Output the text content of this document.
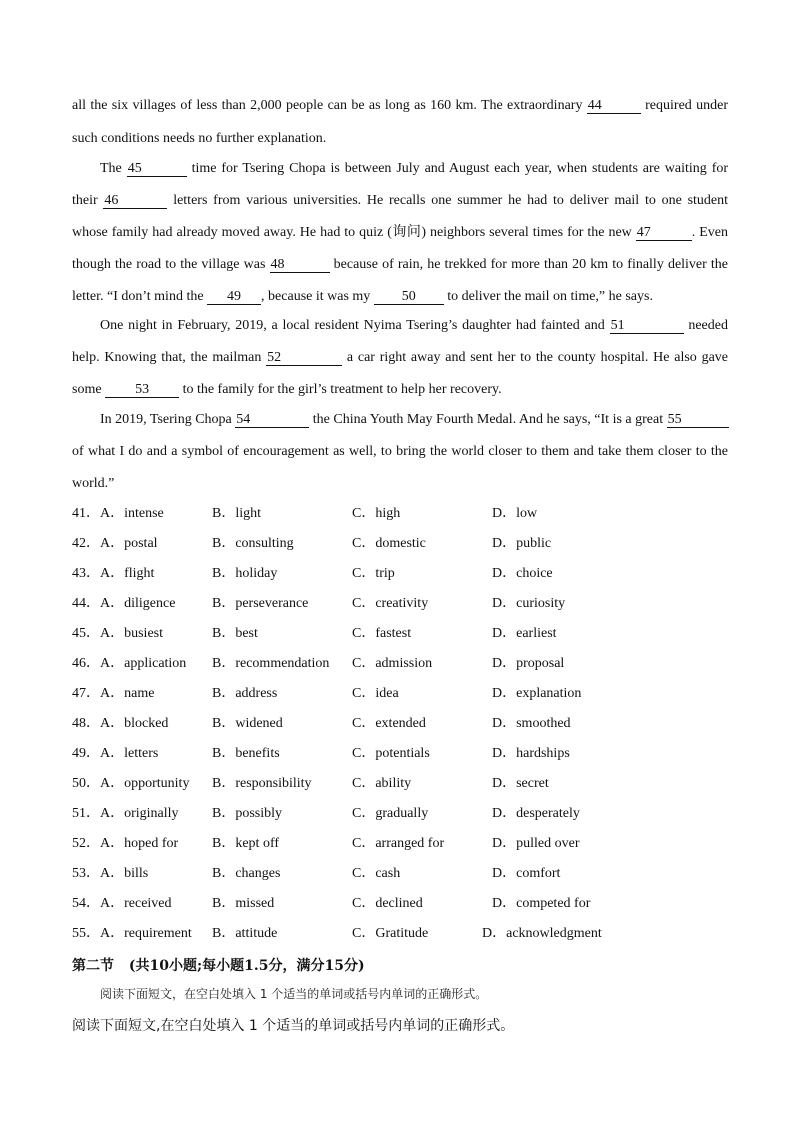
all the six villages of less than 2,000 people can be as long as 160 km. The extraordinary 44	required under
such conditions needs no further explanation.
The 45	time for Tsering Chopa is between July and August each year, when students are waiting for
their 46	letters from various universities. He recalls one summer he had to deliver mail to one student
whose family had already moved away. He had to quiz (询问) neighbors several times for the new 47	. Even
though the road to the village was 48	because of rain, he trekked for more than 20 km to finally deliver the
letter. “I don’t mind the 49 , because it was my 50 to deliver the mail on time,” he says.
One night in February, 2019, a local resident Nyima Tsering’s daughter had fainted and 51	needed
help. Knowing that, the mailman 52	a car right away and sent her to the county hospital. He also gave
some 53 to the family for the girl’s treatment to help her recovery.
In 2019, Tsering Chopa 54	the China Youth May Fourth Medal. And he says, “It is a great 55
of what I do and a symbol of encouragement as well, to bring the world closer to them and take them closer to the
world.”
41．A．intense	B．light	C．high	D．low
42．A．postal	B．consulting	C．domestic	D．public
43．A．flight	B．holiday	C．trip	D．choice
44．A．diligence	B．perseverance	C．creativity	D．curiosity
45．A．busiest	B．best	C．fastest	D．earliest
46．A．application B．recommendation C．admission	D．proposal
47．A．name	B．address	C．idea	D．explanation
48．A．blocked	B．widened	C．extended	D．smoothed
49．A．letters	B．benefits	C．potentials	D．hardships
50．A．opportunity B．responsibility	C．ability	D．secret
51．A．originally B．possibly	C．gradually	D．desperately
52．A．hoped for B．kept off	C．arranged for	D．pulled over
53．A．bills	B．changes	C．cash	D．comfort
54．A．received	B．missed	C．declined	D．competed for
55．A．requirement B．attitude	C．Gratitude	D．acknowledgment
第二节 (共10小题;每小题1.5分，满分15分)
阅读下面短文，在空白处填入 1 个适当的单词或括号内单词的正确形式。
阅读下面短文,在空白处填入 1 个适当的单词或括号内单词的正确形式。
